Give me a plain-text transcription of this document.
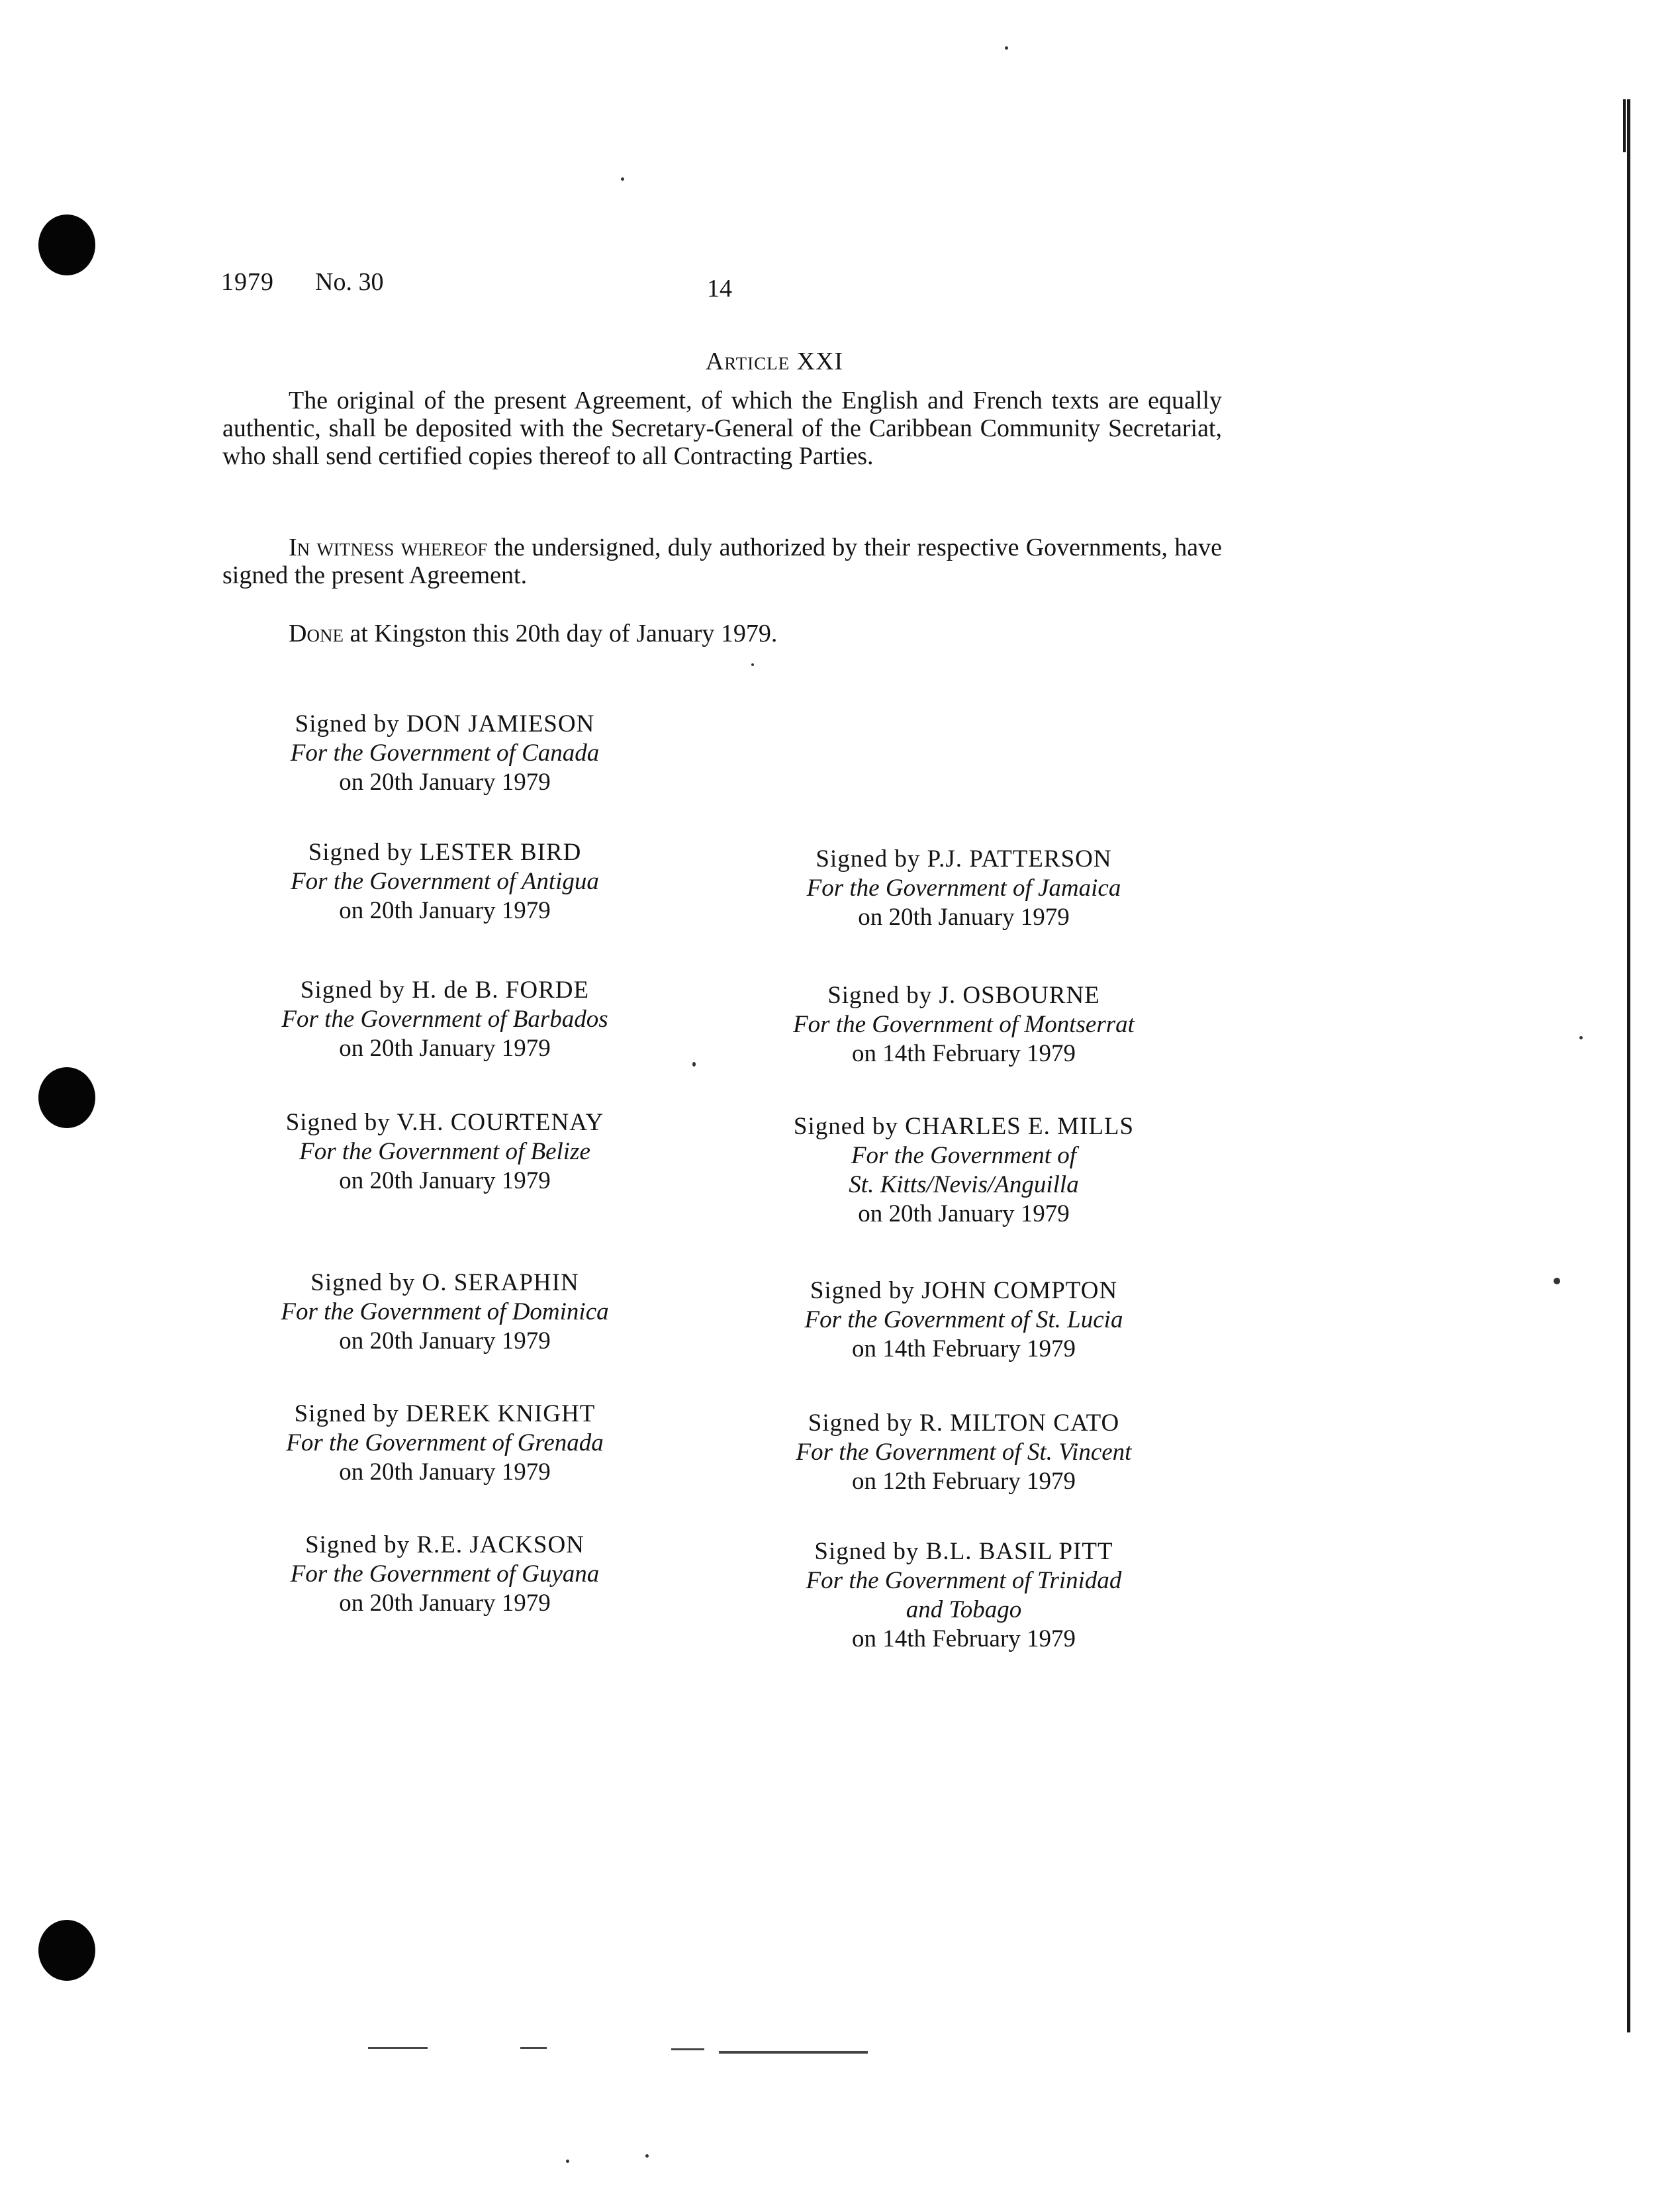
1979 No. 30	14
Article XXI
The original of the present Agreement, of which the English and French texts are equally authentic, shall be deposited with the Secretary-General of the Caribbean Community Secretariat, who shall send certified copies thereof to all Contracting Parties.
In witness whereof the undersigned, duly authorized by their respective Governments, have signed the present Agreement.
Done at Kingston this 20th day of January 1979.
Signed by DON JAMIESON
For the Government of Canada
on 20th January 1979
Signed by LESTER BIRD
For the Government of Antigua
on 20th January 1979
Signed by H. de B. FORDE
For the Government of Barbados
on 20th January 1979
Signed by V.H. COURTENAY
For the Government of Belize
on 20th January 1979
Signed by O. SERAPHIN
For the Government of Dominica
on 20th January 1979
Signed by DEREK KNIGHT
For the Government of Grenada
on 20th January 1979
Signed by R.E. JACKSON
For the Government of Guyana
on 20th January 1979
Signed by P.J. PATTERSON
For the Government of Jamaica
on 20th January 1979
Signed by J. OSBOURNE
For the Government of Montserrat
on 14th February 1979
Signed by CHARLES E. MILLS
For the Government of
St. Kitts/Nevis/Anguilla
on 20th January 1979
Signed by JOHN COMPTON
For the Government of St. Lucia
on 14th February 1979
Signed by R. MILTON CATO
For the Government of St. Vincent
on 12th February 1979
Signed by B.L. BASIL PITT
For the Government of Trinidad
and Tobago
on 14th February 1979
